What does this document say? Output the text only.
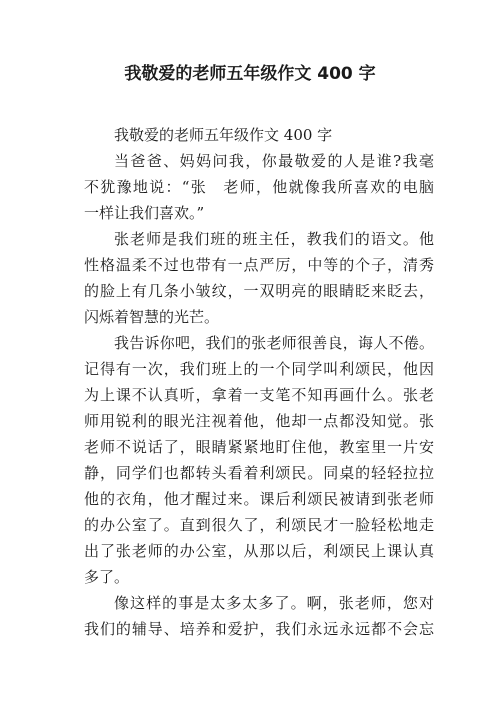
我敬爱的老师五年级作文 400 字
我敬爱的老师五年级作文 400 字
当爸爸、妈妈问我，你最敬爱的人是谁?我毫
不犹豫地说：“张　老师，他就像我所喜欢的电脑
一样让我们喜欢。”
张老师是我们班的班主任，教我们的语文。他
性格温柔不过也带有一点严厉，中等的个子，清秀
的脸上有几条小皱纹，一双明亮的眼睛眨来眨去，
闪烁着智慧的光芒。
我告诉你吧，我们的张老师很善良，诲人不倦。
记得有一次，我们班上的一个同学叫利颂民，他因
为上课不认真听，拿着一支笔不知再画什么。张老
师用锐利的眼光注视着他，他却一点都没知觉。张
老师不说话了，眼睛紧紧地盯住他，教室里一片安
静，同学们也都转头看着利颂民。同桌的轻轻拉拉
他的衣角，他才醒过来。课后利颂民被请到张老师
的办公室了。直到很久了，利颂民才一脸轻松地走
出了张老师的办公室，从那以后，利颂民上课认真
多了。
像这样的事是太多太多了。啊，张老师，您对
我们的辅导、培养和爱护，我们永远永远都不会忘
